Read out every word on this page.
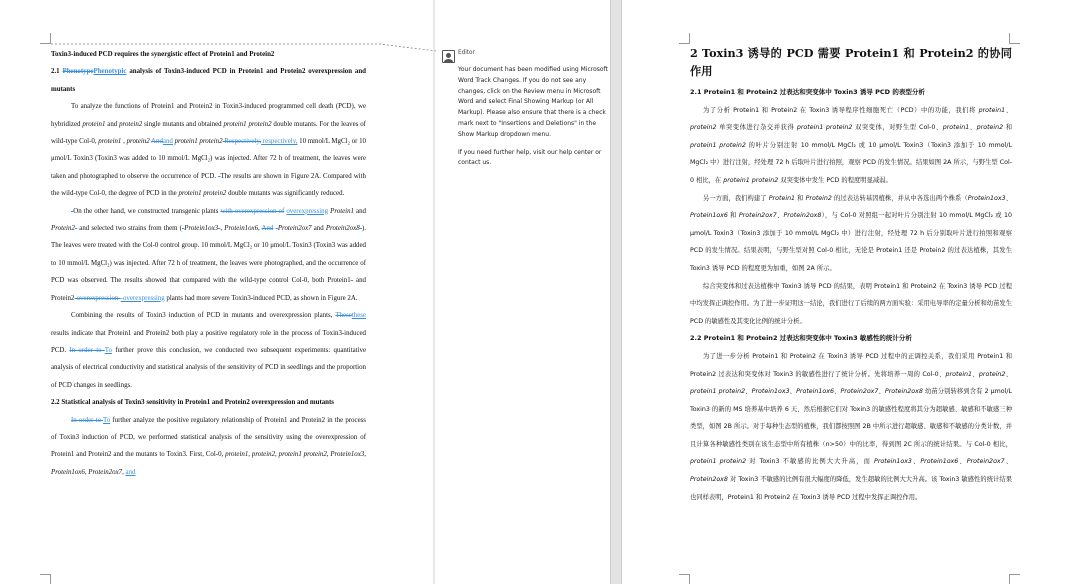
Toxin3-induced PCD requires the synergistic effect of Protein1 and Protein2

2.1 PhenotypePhenotypic analysis of Toxin3-induced PCD in Protein1 and Protein2 overexpression and mutants

To analyze the functions of Protein1 and Protein2 in Toxin3-induced programmed cell death (PCD), we hybridized protein1 and protein2 single mutants and obtained protein1 protein2 double mutants. For the leaves of wild-type Col-0, protein1 , protein2 Andand protein1 protein2 Respectively, respectively, 10 mmol/L MgCl₂ or 10 μmol/L Toxin3 (Toxin3 was added to 10 mmol/L MgCl₂) was injected. After 72 h of treatment, the leaves were taken and photographed to observe the occurrence of PCD. -The results are shown in Figure 2A. Compared with the wild-type Col-0, the degree of PCD in the protein1 protein2 double mutants was significantly reduced.

-On the other hand, we constructed transgenic plants with overexpression of overexpressing Protein1 and Protein2- and selected two strains from them (-Protein1ox3-, Protein1ox6, And -Protein2ox7 and Protein2ox8-). The leaves were treated with the Col-0 control group. 10 mmol/L MgCl₂ or 10 μmol/L Toxin3 (Toxin3 was added to 10 mmol/L MgCl₂) was injected. After 72 h of treatment, the leaves were photographed, and the occurrence of PCD was observed. The results showed that compared with the wild-type control Col-0, both Protein1- and Protein2-overexpression--overexpressing plants had more severe Toxin3-induced PCD, as shown in Figure 2A.

Combining the results of Toxin3 induction of PCD in mutants and overexpression plants, Thesethese results indicate that Protein1 and Protein2 both play a positive regulatory role in the process of Toxin3-induced PCD. In order to To further prove this conclusion, we conducted two subsequent experiments: quantitative analysis of electrical conductivity and statistical analysis of the sensitivity of PCD in seedlings and the proportion of PCD changes in seedlings.

2.2 Statistical analysis of Toxin3 sensitivity in Protein1 and Protein2 overexpression and mutants

In order to To further analyze the positive regulatory relationship of Protein1 and Protein2 in the process of Toxin3 induction of PCD, we performed statistical analysis of the sensitivity using the overexpression of Protein1 and Protein2 and the mutants to Toxin3. First, Col-0, protein1, protein2, protein1 protein2, Protein1ox3, Protein1ox6, Protein2ox7, and

Editor

Your document has been modified using Microsoft Word Track Changes. If you do not see any changes, click on the Review menu in Microsoft Word and select Final Showing Markup (or All Markup). Please also ensure that there is a check mark next to "Insertions and Deletions" in the Show Markup dropdown menu.

If you need further help, visit our help center or contact us.

2 Toxin3 诱导的 PCD 需要 Protein1 和 Protein2 的协同作用
2.1 Protein1 和 Protein2 过表达和突变体中 Toxin3 诱导 PCD 的表型分析

为了分析 Protein1 和 Protein2 在 Toxin3 诱导程序性细胞死亡（PCD）中的功能，我们将 protein1、protein2 单突变体进行杂交并获得 protein1 protein2 双突变体，对野生型 Col-0、protein1、protein2 和 protein1 protein2 的叶片分别注射 10 mmol/L MgCl₂ 或 10 μmol/L Toxin3（Toxin3 添加于 10 mmol/L MgCl₂ 中）进行注射，经处理 72 h 后取叶片进行拍照，观察 PCD 的发生情况。结果如图 2A 所示，与野生型 Col-0 相比，在 protein1 protein2 双突变体中发生 PCD 的程度明显减弱。

另一方面，我们构建了 Protein1 和 Protein2 的过表达转基因植株，并从中各选出两个株系（Protein1ox3、Protein1ox6 和 Protein2ox7、Protein2ox8），与 Col-0 对照组一起对叶片分别注射 10 mmol/L MgCl₂ 或 10 μmol/L Toxin3（Toxin3 添加于 10 mmol/L MgCl₂ 中）进行注射，经处理 72 h 后分别取叶片进行拍照和观察 PCD 的发生情况。结果表明，与野生型对照 Col-0 相比，无论是 Protein1 还是 Protein2 的过表达植株，其发生 Toxin3 诱导 PCD 的程度更为加重，如图 2A 所示。

综合突变体和过表达植株中 Toxin3 诱导 PCD 的结果，表明 Protein1 和 Protein2 在 Toxin3 诱导 PCD 过程中均发挥正调控作用。为了进一步证明这一结论，我们进行了后续的两方面实验：采用电导率的定量分析和幼苗发生 PCD 的敏感性及其变化比例的统计分析。

2.2 Protein1 和 Protein2 过表达和突变体中 Toxin3 敏感性的统计分析

为了进一步分析 Protein1 和 Protein2 在 Toxin3 诱导 PCD 过程中的正调控关系，我们采用 Protein1 和 Protein2 过表达和突变体对 Toxin3 的敏感性进行了统计分析。先将培养一周的 Col-0、protein1、protein2、protein1 protein2、Protein1ox3、Protein1ox6、Protein2ox7、Protein2ox8 幼苗分别转移到含有 2 μmol/L Toxin3 的新的 MS 培养基中培养 6 天，然后根据它们对 Toxin3 的敏感性程度将其分为超敏感、敏感和不敏感三种类型，如图 2B 所示。对于每种生态型的植株，我们都按照图 2B 中所示进行超敏感、敏感和不敏感的分类计数，并且计算各种敏感性类别在该生态型中所有植株（n>50）中的比率，得到图 2C 所示的统计结果。与 Col-0 相比，protein1 protein2 对 Toxin3 不敏感的比例大大升高，而 Protein1ox3、Protein1ox6、Protein2ox7、Protein2ox8 对 Toxin3 不敏感的比例有很大幅度的降低，发生超敏的比例大大升高。该 Toxin3 敏感性的统计结果也同样表明，Protein1 和 Protein2 在 Toxin3 诱导 PCD 过程中发挥正调控作用。
